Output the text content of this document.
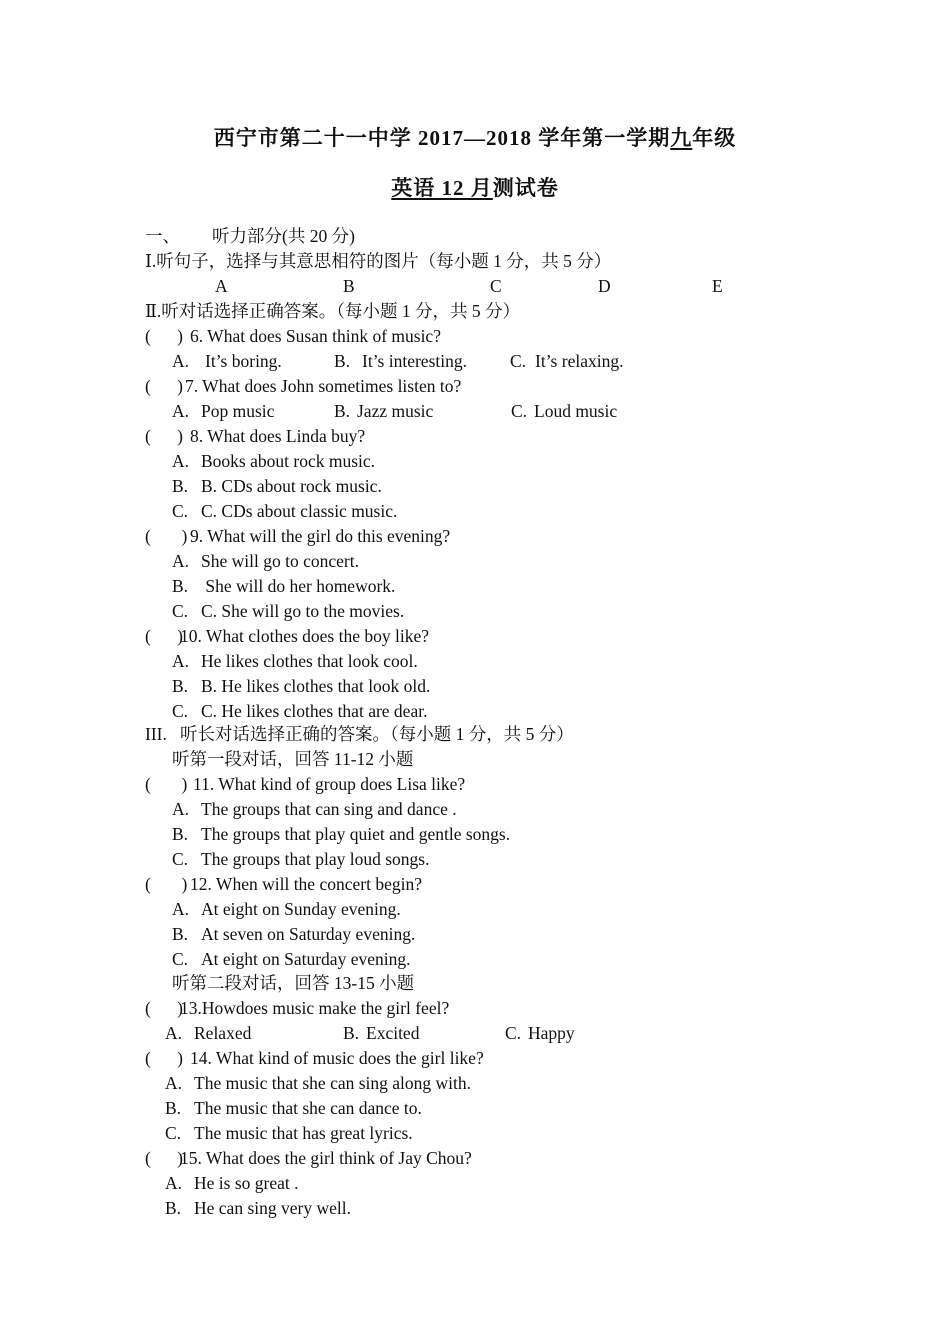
西宁市第二十一中学 2017—2018 学年第一学期九年级
英语 12 月测试卷
一、 听力部分(共 20 分)
Ⅰ.听句子，选择与其意思相符的图片（每小题 1 分，共 5 分）
A	B	C	D	E
Ⅱ.听对话选择正确答案。（每小题 1 分，共 5 分）
(      ) 6. What does Susan think of music?
A. It’s boring.	B. It’s interesting. C. It’s relaxing.
(      ) 7. What does John sometimes listen to?
A. Pop music	B. Jazz music	C. Loud music
(      ) 8. What does Linda buy?
A. Books about rock music.
B. B. CDs about rock music.
C. C. CDs about classic music.
(       ) 9. What will the girl do this evening?
A. She will go to concert.
B. She will do her homework.
C. C. She will go to the movies.
(      )10. What clothes does the boy like?
A. He likes clothes that look cool.
B. B. He likes clothes that look old.
C. C. He likes clothes that are dear.
III.   听长对话选择正确的答案。（每小题 1 分，共 5 分）
听第一段对话，回答 11-12 小题
(       ) 11. What kind of group does Lisa like?
A. The groups that can sing and dance .
B. The groups that play quiet and gentle songs.
C. The groups that play loud songs.
(       ) 12. When will the concert begin?
A. At eight on Sunday evening.
B. At seven on Saturday evening.
C. At eight on Saturday evening.
听第二段对话，回答 13-15 小题
(      )13.Howdoes music make the girl feel?
A. Relaxed	B. Excited	C. Happy
(      ) 14. What kind of music does the girl like?
A. The music that she can sing along with.
B. The music that she can dance to.
C. The music that has great lyrics.
(      )15. What does the girl think of Jay Chou?
A. He is so great .
B. He can sing very well.
